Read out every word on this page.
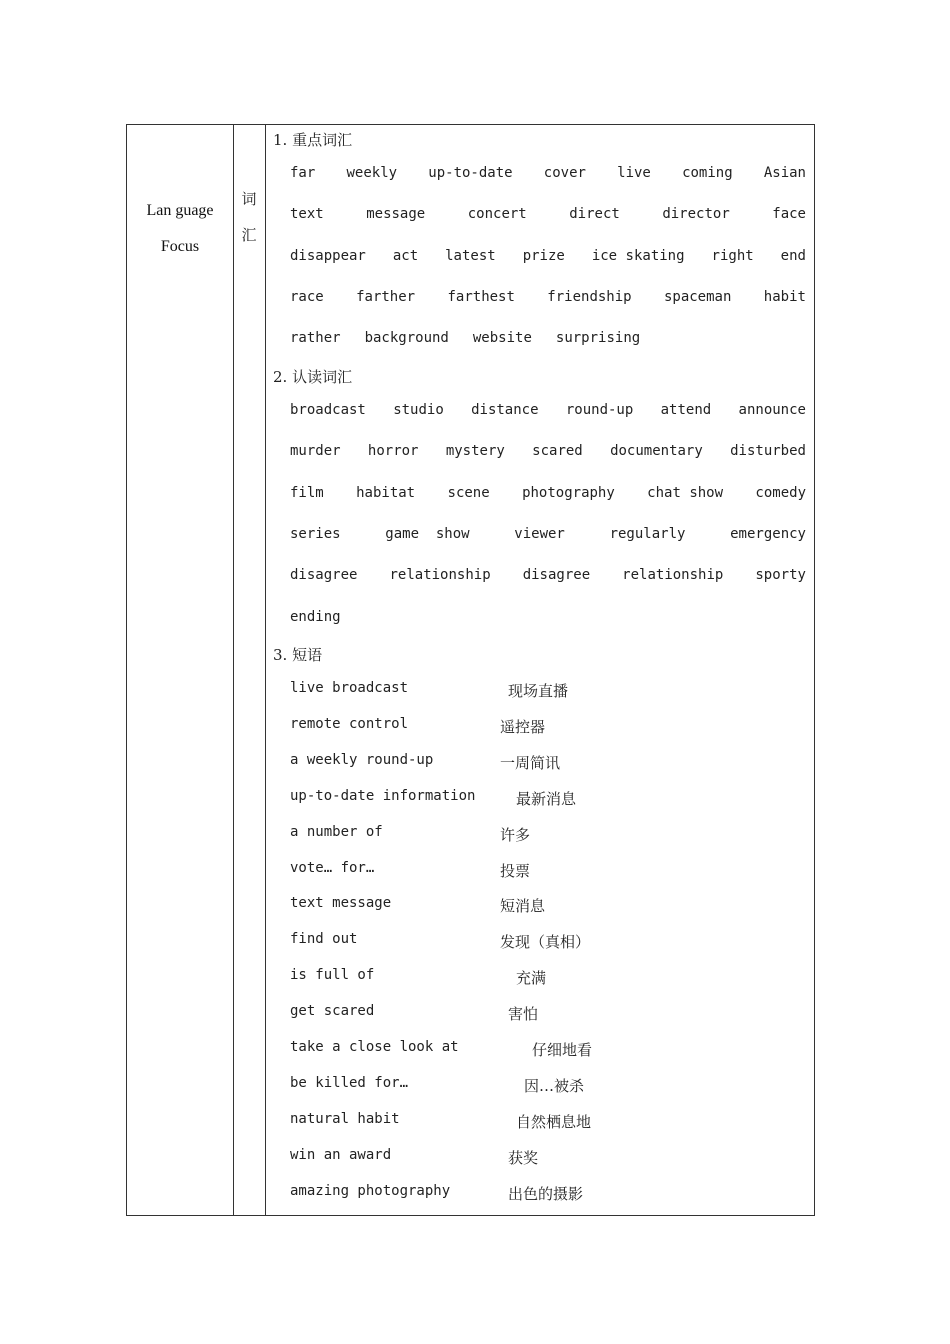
Lan guage
Focus
词
汇
1. 重点词汇
far weekly up-to-date cover live coming Asian
text	message	concert	direct	director	face
disappear act latest prize ice skating right end
race farther farthest friendship spaceman habit
rather background website surprising
2. 认读词汇
broadcast studio distance round-up attend announce
murder horror mystery scared documentary disturbed
film habitat scene photography chat show comedy
series	game  show	viewer	regularly	emergency
disagree relationship disagree relationship sporty
ending
3. 短语
live broadcast	现场直播
remote control	遥控器
a weekly round-up	一周简讯
up-to-date information	最新消息
a number of	许多
vote… for…	投票
text message	短消息
find out	发现（真相）
is full of	充满
get scared	害怕
take a close look at	仔细地看
be killed for…	因…被杀
natural habit	自然栖息地
win an award	获奖
amazing photography	出色的摄影
